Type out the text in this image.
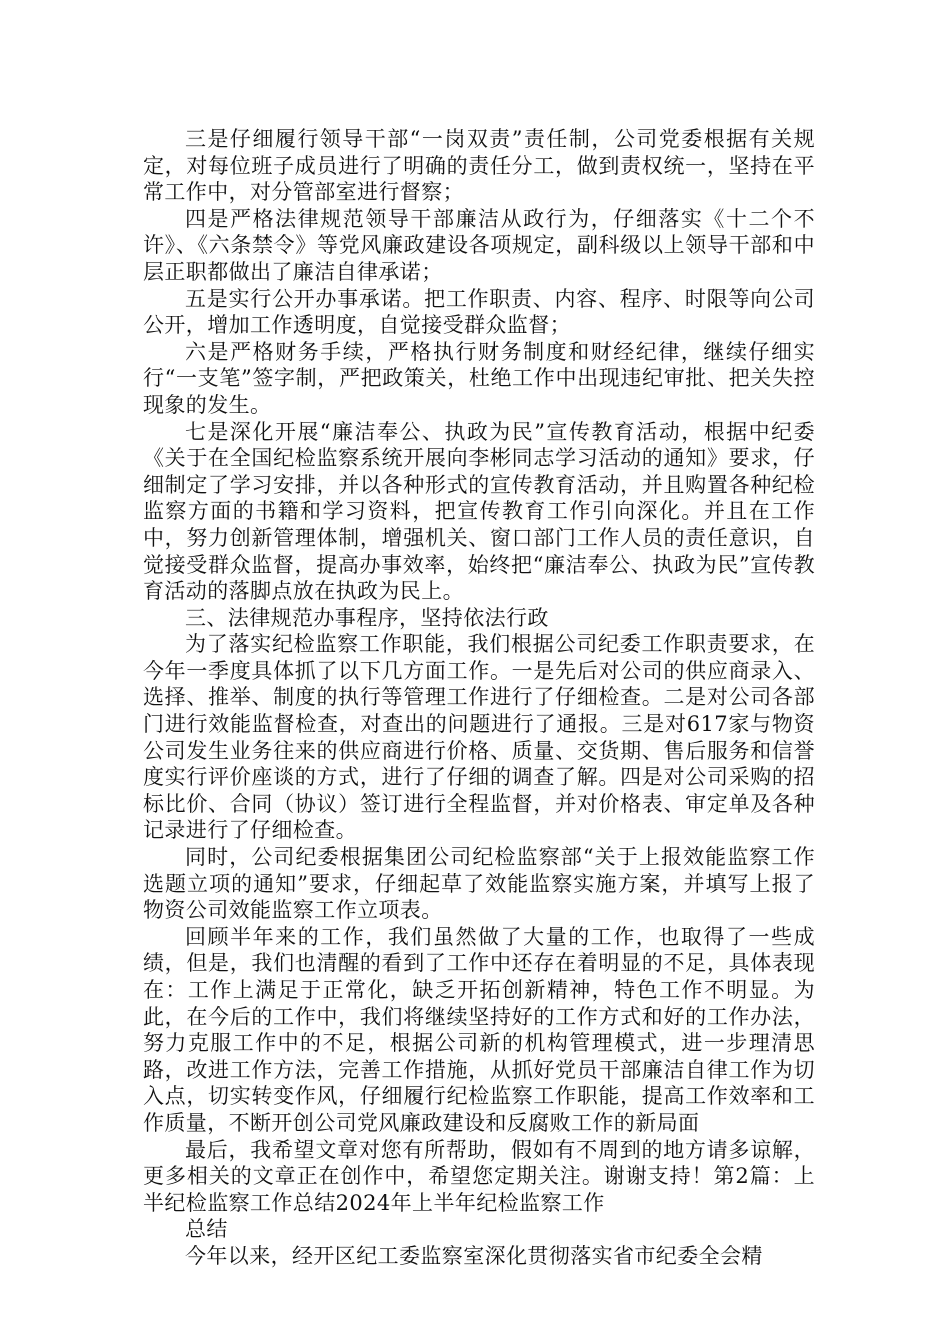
三是仔细履行领导干部“一岗双责”责任制，公司党委根据有关规定，对每位班子成员进行了明确的责任分工，做到责权统一，坚持在平常工作中，对分管部室进行督察；

四是严格法律规范领导干部廉洁从政行为，仔细落实《十二个不许》、《六条禁令》等党风廉政建设各项规定，副科级以上领导干部和中层正职都做出了廉洁自律承诺；

五是实行公开办事承诺。把工作职责、内容、程序、时限等向公司公开，增加工作透明度，自觉接受群众监督；

六是严格财务手续，严格执行财务制度和财经纪律，继续仔细实行“一支笔”签字制，严把政策关，杜绝工作中出现违纪审批、把关失控现象的发生。

七是深化开展“廉洁奉公、执政为民”宣传教育活动，根据中纪委《关于在全国纪检监察系统开展向李彬同志学习活动的通知》要求，仔细制定了学习安排，并以各种形式的宣传教育活动，并且购置各种纪检监察方面的书籍和学习资料，把宣传教育工作引向深化。并且在工作中，努力创新管理体制，增强机关、窗口部门工作人员的责任意识，自觉接受群众监督，提高办事效率，始终把“廉洁奉公、执政为民”宣传教育活动的落脚点放在执政为民上。

三、法律规范办事程序，坚持依法行政

为了落实纪检监察工作职能，我们根据公司纪委工作职责要求，在今年一季度具体抓了以下几方面工作。一是先后对公司的供应商录入、选择、推举、制度的执行等管理工作进行了仔细检查。二是对公司各部门进行效能监督检查，对查出的问题进行了通报。三是对617家与物资公司发生业务往来的供应商进行价格、质量、交货期、售后服务和信誉度实行评价座谈的方式，进行了仔细的调查了解。四是对公司采购的招标比价、合同（协议）签订进行全程监督，并对价格表、审定单及各种记录进行了仔细检查。

同时，公司纪委根据集团公司纪检监察部“关于上报效能监察工作选题立项的通知”要求，仔细起草了效能监察实施方案，并填写上报了物资公司效能监察工作立项表。

回顾半年来的工作，我们虽然做了大量的工作，也取得了一些成绩，但是，我们也清醒的看到了工作中还存在着明显的不足，具体表现在：工作上满足于正常化，缺乏开拓创新精神，特色工作不明显。为此，在今后的工作中，我们将继续坚持好的工作方式和好的工作办法，努力克服工作中的不足，根据公司新的机构管理模式，进一步理清思路，改进工作方法，完善工作措施，从抓好党员干部廉洁自律工作为切入点，切实转变作风，仔细履行纪检监察工作职能，提高工作效率和工作质量，不断开创公司党风廉政建设和反腐败工作的新局面

最后，我希望文章对您有所帮助，假如有不周到的地方请多谅解，更多相关的文章正在创作中，希望您定期关注。谢谢支持！第2篇：上半纪检监察工作总结2024年上半年纪检监察工作

总结

今年以来，经开区纪工委监察室深化贯彻落实省市纪委全会精
